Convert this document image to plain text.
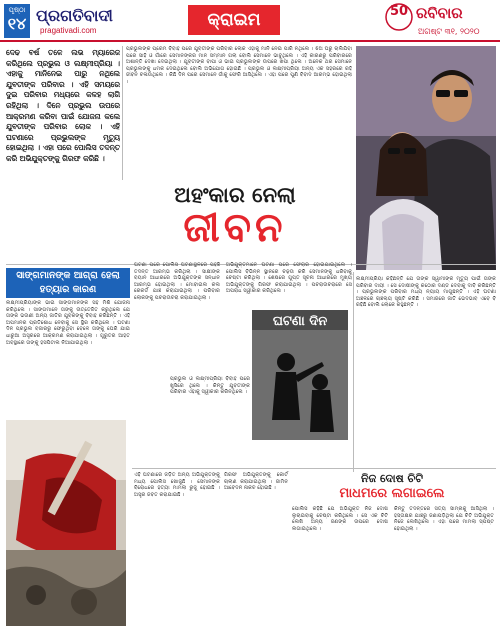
ପୃଷ୍ଠା
୧୪ ପ୍ରଗତିବାଦୀ
pragativadi.com
କ୍ରାଇମ	50 ରବିବାର
ଅଗଷ୍ଟ ୩୧, ୨୦୨୦
ଦେଢ ବର୍ଷ ତଳେ ଲଭ ମ୍ୟାରେଜ କରିଥିଲେ ପ୍ରଭୁଲ ଓ ଲକ୍ଷ୍ମୀପ୍ରିୟା । ଏହାକୁ ମାନିନେଇ ପାରୁ ନଥିଲେ ଯୁବତୀଙ୍କ ପରିବାର । ଏହି ସମୟରେ ଦୁଇ ପରିବାର ମଧ୍ୟରେ କଳହ ଲାଗି ରହିଥିଲା । ଦିନେ ପ୍ରଭୁଲ ଉପରେ ଆକ୍ରମଣ କରିବା ପାଇଁ ଯୋଜନା କଲେ ଯୁବତୀଙ୍କ ପରିବାର ଲୋକ । ଏହି ଘଟଣାରେ ପ୍ରଭୁଲଙ୍କ ମୃତ୍ୟୁ ହୋଇଥିଲା । ଏହା ପରେ ପୋଲିସ ତଦନ୍ତ କରି ଅଭିଯୁକ୍ତଙ୍କୁ ଗିରଫ କରିଛି ।
ପ୍ରଭୁଲଙ୍କ ପ୍ରେମ ବିବାହ ପରେ ଯୁବତୀଙ୍କ ପରିବାର ଲୋକ ଏହାକୁ ମାନି ନେଇ ପାରି ନଥିଲେ । ଝିଅ ଘରୁ ଚାଲିଯିବା ପରେ ସାହି ଓ ଗାଁରେ ସେମାନଙ୍କର ମାନ ସମ୍ମାନ ଗଲା ବୋଲି ସେମାନେ ଭାବୁଥିଲେ । ଏହି କାରଣରୁ ପରିବାରରେ ଅଶାନ୍ତି ଦେଖା ଦେଇଥିଲା । ଯୁବତୀଙ୍କ ବାପା ଓ ଭାଇ ପ୍ରଭୁଲଙ୍କ ଉପରେ ଖପା ଥିଲେ । ଅନେକ ଥର ସେମାନେ ପ୍ରଭୁଲଙ୍କୁ ଧମକ ଦେଇଥିଲେ ବୋଲି ଅଭିଯୋଗ ହୋଇଛି । ପ୍ରଭୁଲ ଓ ଲକ୍ଷ୍ମୀପ୍ରିୟା ଅନ୍ୟ ଏକ ସହରରେ ରହି ଜୀବନ ଚଳାଉଥିଲେ । କିଛି ଦିନ ପରେ ସେମାନେ ଗାଁକୁ ଫେରି ଆସିଥିଲେ । ଏହା ପରେ ପୁଣି ବିବାଦ ଆରମ୍ଭ ହୋଇଥିଲା ।
ଅହଂକାର ନେଲା
ଜୀବନ
ସାଙ୍ଗମାନଙ୍କ ଆଗ୍ରା ହେଲା ହତ୍ୟାର କାରଣ
ଲକ୍ଷ୍ମୀପ୍ରିୟାଙ୍କ ଭାଇ ସାଙ୍ଗମାନଙ୍କ ସହ ମିଶି ଯୋଜନା କରିଥିଲେ । ସାଙ୍ଗମାନେ ତାଙ୍କୁ ଉତ୍ତେଜିତ କରୁଥିଲେ ଯେ ତାଙ୍କ ଭଉଣୀ ଅନ୍ୟ ଜାତିର ଯୁବକଙ୍କୁ ବିବାହ କରିଛନ୍ତି । ଏହି ଅପମାନର ପ୍ରତିଶୋଧ ନେବାକୁ ସେ ସ୍ଥିର କରିଥିଲେ । ଘଟଣା ଦିନ ପ୍ରଭୁଲ ବଜାରରୁ ଫେରୁଥିବା ବେଳେ ତାଙ୍କୁ ଘେରି ଯାଇ ଧାରୁଆ ଅସ୍ତ୍ରରେ ଆକ୍ରମଣ କରାଯାଇଥିଲା । ଗୁରୁତର ଆହତ ଅବସ୍ଥାରେ ତାଙ୍କୁ ହସପିଟାଲ ନିଆଯାଇଥିଲା ।
ଘଟଣା ପରେ ପୋଲିସ ଘଟଣାସ୍ଥଳରେ ପହଞ୍ଚି ତଦନ୍ତ ଆରମ୍ଭ କରିଥିଲା । ସାକ୍ଷୀଙ୍କ ବୟାନ ଆଧାରରେ ଅଭିଯୁକ୍ତଙ୍କ ସନ୍ଧାନ ଆରମ୍ଭ ହୋଇଥିଲା । ମୋବାଇଲ କଲ ରେକର୍ଡ ଯାଞ୍ଚ କରାଯାଇଥିଲା । ପରିବାର ଲୋକଙ୍କୁ ପଚରାଉଚରା କରାଯାଇଥିଲା ।
ଅଭିଯୁକ୍ତମାନେ ଘଟଣା ପରେ ଫେରାର ହୋଇଯାଇଥିଲେ । ପୋଲିସ ବିଭିନ୍ନ ସ୍ଥାନରେ ଚଢ଼ଉ କରି ସେମାନଙ୍କୁ ଧରିବାକୁ ଚେଷ୍ଟା କରିଥିଲା । ଶେଷରେ ଗୁପ୍ତ ସୂଚନା ଆଧାରରେ ମୁଖ୍ୟ ଅଭିଯୁକ୍ତଙ୍କୁ ଗିରଫ କରାଯାଇଥିଲା । ପଚରାଉଚରାରେ ସେ ଅପରାଧ ସ୍ୱୀକାର କରିଥିଲେ ।
ଲକ୍ଷ୍ମୀପ୍ରିୟା କହିଛନ୍ତି ଯେ ତାଙ୍କ ସ୍ୱାମୀଙ୍କ ମୃତ୍ୟୁ ପାଇଁ ତାଙ୍କ ପରିବାର ଦାୟୀ । ସେ ଦୋଷୀଙ୍କୁ କଠୋର ଦଣ୍ଡ ଦେବାକୁ ଦାବି କରିଛନ୍ତି । ପ୍ରଭୁଲଙ୍କ ପରିବାର ମଧ୍ୟ ନ୍ୟାୟ ମାଗୁଛନ୍ତି । ଏହି ଘଟଣା ଅଞ୍ଚଳରେ ଚାଞ୍ଚଲ୍ୟ ସୃଷ୍ଟି କରିଛି । ସମାଜରେ ଜାତି ଭେଦଭାବ ଏବେ ବି ରହିଛି ବୋଲି ଲୋକେ କହୁଛନ୍ତି ।
ପ୍ରଭୁଲ ଓ ଲକ୍ଷ୍ମୀପ୍ରିୟା ବିବାହ ପରେ ଖୁସିରେ ଥିଲେ । କିନ୍ତୁ ଯୁବତୀଙ୍କ ପରିବାର ଏହାକୁ ସ୍ୱୀକାର କରିନଥିଲେ ।
ଘଟଣା ଦିନ
ଏହି ଘଟଣାରେ ଜଡ଼ିତ ଅନ୍ୟ ଅଭିଯୁକ୍ତଙ୍କୁ ମଧ୍ୟ ପୋଲିସ ଖୋଜୁଛି । ସେମାନଙ୍କ ବିରୋଧରେ ହତ୍ୟା ମାମଲା ରୁଜୁ ହୋଇଛି । ଅସ୍ତ୍ର ଜବତ କରାଯାଇଛି ।
ଗିରଫ ଅଭିଯୁକ୍ତଙ୍କୁ କୋର୍ଟ ଚାଲାଣ କରାଯାଇଥିଲା । ଜାମିନ ଆବେଦନ ନାକଚ ହୋଇଛି ।
ନିଜ ଦୋଷ ଚିଟି
ମାଧମରେ ଲଗାଇଲେ
ପୋଲିସ କହିଛି ଯେ ଅଭିଯୁକ୍ତ ନିଜ ଦୋଷ ଲୁଚାଇବାକୁ ଚେଷ୍ଟା କରିଥିଲେ । ସେ ଏକ ଚିଟି ଲେଖି ଅନ୍ୟ ଜଣଙ୍କ ଉପରେ ଦୋଷ ଲଗାଇଥିଲେ ।
କିନ୍ତୁ ତଦନ୍ତରେ ସତ୍ୟ ସାମ୍ନାକୁ ଆସିଥିଲା । ହସ୍ତାକ୍ଷର ଯାଞ୍ଚରୁ ଜଣାପଡ଼ିଥିଲା ଯେ ଚିଟି ଅଭିଯୁକ୍ତ ନିଜେ ଲେଖିଥିଲେ । ଏହା ପରେ ମାମଲା ସ୍ପଷ୍ଟ ହୋଇଥିଲା ।
